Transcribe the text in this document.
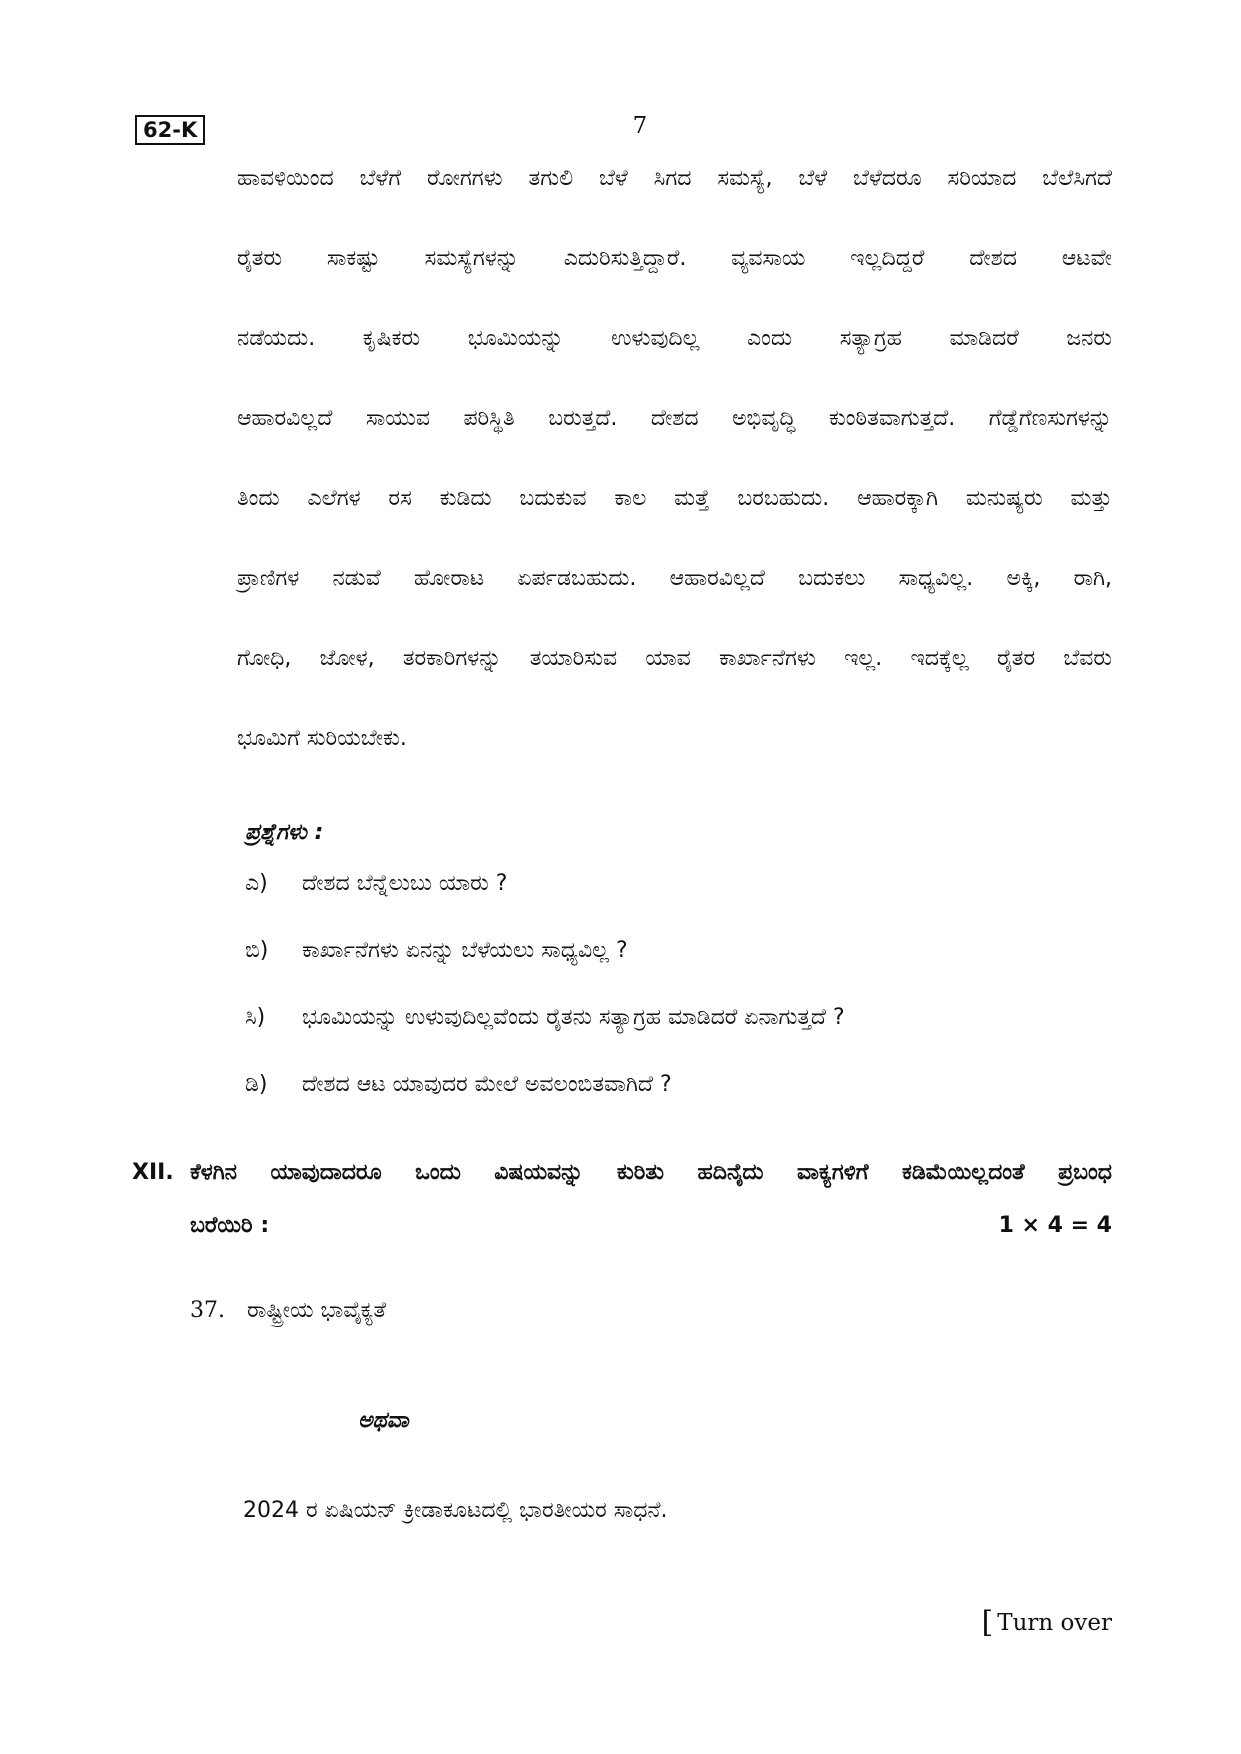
62-K	7
ಹಾವಳಿಯಿಂದ ಬೆಳೆಗೆ ರೋಗಗಳು ತಗುಲಿ ಬೆಳೆ ಸಿಗದ ಸಮಸ್ಯೆ, ಬೆಳೆ ಬೆಳೆದರೂ ಸರಿಯಾದ ಬೆಲೆಸಿಗದೆ
ರೈತರು ಸಾಕಷ್ಟು ಸಮಸ್ಯೆಗಳನ್ನು ಎದುರಿಸುತ್ತಿದ್ದಾರೆ. ವ್ಯವಸಾಯ ಇಲ್ಲದಿದ್ದರೆ ದೇಶದ ಆಟವೇ
ನಡೆಯದು. ಕೃಷಿಕರು ಭೂಮಿಯನ್ನು ಉಳುವುದಿಲ್ಲ ಎಂದು ಸತ್ಯಾಗ್ರಹ ಮಾಡಿದರೆ ಜನರು
ಆಹಾರವಿಲ್ಲದೆ ಸಾಯುವ ಪರಿಸ್ಥಿತಿ ಬರುತ್ತದೆ. ದೇಶದ ಅಭಿವೃದ್ಧಿ ಕುಂಠಿತವಾಗುತ್ತದೆ. ಗೆಡ್ಡೆಗೆಣಸುಗಳನ್ನು
ತಿಂದು ಎಲೆಗಳ ರಸ ಕುಡಿದು ಬದುಕುವ ಕಾಲ ಮತ್ತೆ ಬರಬಹುದು. ಆಹಾರಕ್ಕಾಗಿ ಮನುಷ್ಯರು ಮತ್ತು
ಪ್ರಾಣಿಗಳ ನಡುವೆ ಹೋರಾಟ ಏರ್ಪಡಬಹುದು. ಆಹಾರವಿಲ್ಲದೆ ಬದುಕಲು ಸಾಧ್ಯವಿಲ್ಲ. ಅಕ್ಕಿ, ರಾಗಿ,
ಗೋಧಿ, ಜೋಳ, ತರಕಾರಿಗಳನ್ನು ತಯಾರಿಸುವ ಯಾವ ಕಾರ್ಖಾನೆಗಳು ಇಲ್ಲ. ಇದಕ್ಕೆಲ್ಲ ರೈತರ ಬೆವರು
ಭೂಮಿಗೆ ಸುರಿಯಬೇಕು.
ಪ್ರಶ್ನೆಗಳು :
ಎ) ದೇಶದ ಬೆನ್ನೆಲುಬು ಯಾರು ?
ಬಿ) ಕಾರ್ಖಾನೆಗಳು ಏನನ್ನು ಬೆಳೆಯಲು ಸಾಧ್ಯವಿಲ್ಲ ?
ಸಿ) ಭೂಮಿಯನ್ನು ಉಳುವುದಿಲ್ಲವೆಂದು ರೈತನು ಸತ್ಯಾಗ್ರಹ ಮಾಡಿದರೆ ಏನಾಗುತ್ತದೆ ?
ಡಿ) ದೇಶದ ಆಟ ಯಾವುದರ ಮೇಲೆ ಅವಲಂಬಿತವಾಗಿದೆ ?
XII. ಕೆಳಗಿನ ಯಾವುದಾದರೂ ಒಂದು ವಿಷಯವನ್ನು ಕುರಿತು ಹದಿನೈದು ವಾಕ್ಯಗಳಿಗೆ ಕಡಿಮೆಯಿಲ್ಲದಂತೆ ಪ್ರಬಂಧ
ಬರೆಯಿರಿ :	1 × 4 = 4
37. ರಾಷ್ಟ್ರೀಯ ಭಾವೈಕ್ಯತೆ
ಅಥವಾ
2024 ರ ಏಷಿಯನ್ ಕ್ರೀಡಾಕೂಟದಲ್ಲಿ ಭಾರತೀಯರ ಸಾಧನೆ.
[ Turn over
